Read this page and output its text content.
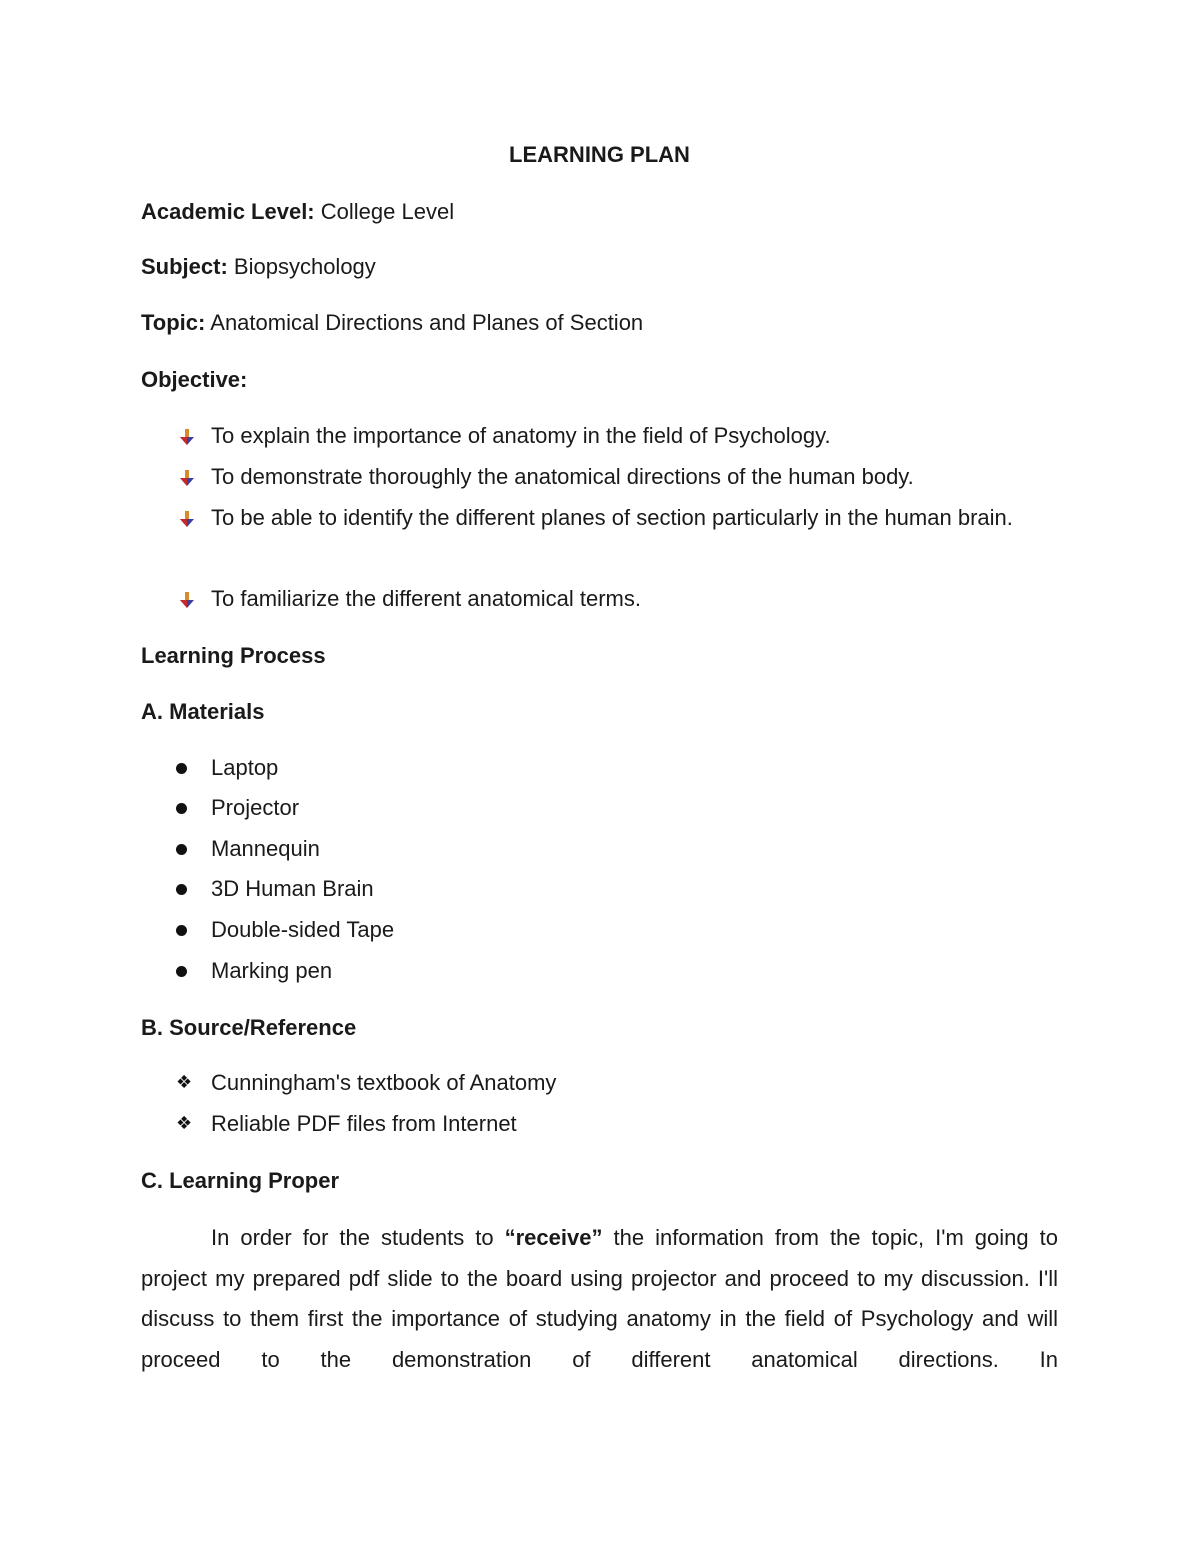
LEARNING PLAN
Academic Level: College Level
Subject: Biopsychology
Topic: Anatomical Directions and Planes of Section
Objective:
To explain the importance of anatomy in the field of Psychology.
To demonstrate thoroughly the anatomical directions of the human body.
To be able to identify the different planes of section particularly in the human brain.
To familiarize the different anatomical terms.
Learning Process
A. Materials
Laptop
Projector
Mannequin
3D Human Brain
Double-sided Tape
Marking pen
B. Source/Reference
❖ Cunningham's textbook of Anatomy
❖ Reliable PDF files from Internet
C. Learning Proper
In order for the students to “receive” the information from the topic, I'm going to project my prepared pdf slide to the board using projector and proceed to my discussion. I'll discuss to them first the importance of studying anatomy in the field of Psychology and will proceed to the demonstration of different anatomical directions. In
